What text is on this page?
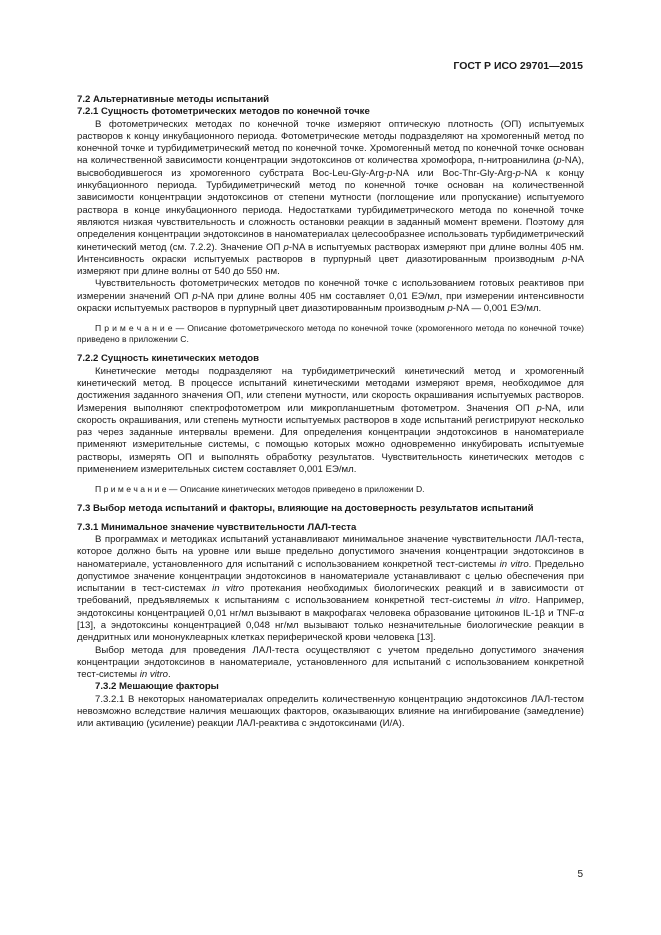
ГОСТ Р ИСО 29701—2015
7.2 Альтернативные методы испытаний
7.2.1 Сущность фотометрических методов по конечной точке
В фотометрических методах по конечной точке измеряют оптическую плотность (ОП) испытуемых растворов к концу инкубационного периода. Фотометрические методы подразделяют на хромогенный метод по конечной точке и турбидиметрический метод по конечной точке. Хромогенный метод по конечной точке основан на количественной зависимости концентрации эндотоксинов от количества хромофора, п-нитроанилина (p-NA), высвободившегося из хромогенного субстрата Boc-Leu-Gly-Arg-p-NA или Boc-Thr-Gly-Arg-p-NA к концу инкубационного периода. Турбидиметрический метод по конечной точке основан на количественной зависимости концентрации эндотоксинов от степени мутности (поглощение или пропускание) испытуемого раствора в конце инкубационного периода. Недостатками турбидиметрического метода по конечной точке являются низкая чувствительность и сложность остановки реакции в заданный момент времени. Поэтому для определения концентрации эндотоксинов в наноматериалах целесообразнее использовать турбидиметрический кинетический метод (см. 7.2.2). Значение ОП p-NA в испытуемых растворах измеряют при длине волны 405 нм. Интенсивность окраски испытуемых растворов в пурпурный цвет диазотированным производным p-NA измеряют при длине волны от 540 до 550 нм.
Чувствительность фотометрических методов по конечной точке с использованием готовых реактивов при измерении значений ОП p-NA при длине волны 405 нм составляет 0,01 ЕЭ/мл, при измерении интенсивности окраски испытуемых растворов в пурпурный цвет диазотированным производным p-NA — 0,001 ЕЭ/мл.
П р и м е ч а н и е — Описание фотометрического метода по конечной точке (хромогенного метода по конечной точке) приведено в приложении С.
7.2.2 Сущность кинетических методов
Кинетические методы подразделяют на турбидиметрический кинетический метод и хромогенный кинетический метод. В процессе испытаний кинетическими методами измеряют время, необходимое для достижения заданного значения ОП, или степени мутности, или скорость окрашивания испытуемых растворов. Измерения выполняют спектрофотометром или микропланшетным фотометром. Значения ОП p-NA, или скорость окрашивания, или степень мутности испытуемых растворов в ходе испытаний регистрируют несколько раз через заданные интервалы времени. Для определения концентрации эндотоксинов в наноматериале применяют измерительные системы, с помощью которых можно одновременно инкубировать испытуемые растворы, измерять ОП и выполнять обработку результатов. Чувствительность кинетических методов с применением измерительных систем составляет 0,001 ЕЭ/мл.
П р и м е ч а н и е — Описание кинетических методов приведено в приложении D.
7.3 Выбор метода испытаний и факторы, влияющие на достоверность результатов испытаний
7.3.1 Минимальное значение чувствительности ЛАЛ-теста
В программах и методиках испытаний устанавливают минимальное значение чувствительности ЛАЛ-теста, которое должно быть на уровне или выше предельно допустимого значения концентрации эндотоксинов в наноматериале, установленного для испытаний с использованием конкретной тест-системы in vitro. Предельно допустимое значение концентрации эндотоксинов в наноматериале устанавливают с целью обеспечения при испытании в тест-системах in vitro протекания необходимых биологических реакций и в зависимости от требований, предъявляемых к испытаниям с использованием конкретной тест-системы in vitro. Например, эндотоксины концентрацией 0,01 нг/мл вызывают в макрофагах человека образование цитокинов IL-1β и TNF-α [13], а эндотоксины концентрацией 0,048 нг/мл вызывают только незначительные биологические реакции в дендритных или мононуклеарных клетках периферической крови человека [13].
Выбор метода для проведения ЛАЛ-теста осуществляют с учетом предельно допустимого значения концентрации эндотоксинов в наноматериале, установленного для испытаний с использованием конкретной тест-системы in vitro.
7.3.2 Мешающие факторы
7.3.2.1 В некоторых наноматериалах определить количественную концентрацию эндотоксинов ЛАЛ-тестом невозможно вследствие наличия мешающих факторов, оказывающих влияние на ингибирование (замедление) или активацию (усиление) реакции ЛАЛ-реактива с эндотоксинами (И/А).
5
